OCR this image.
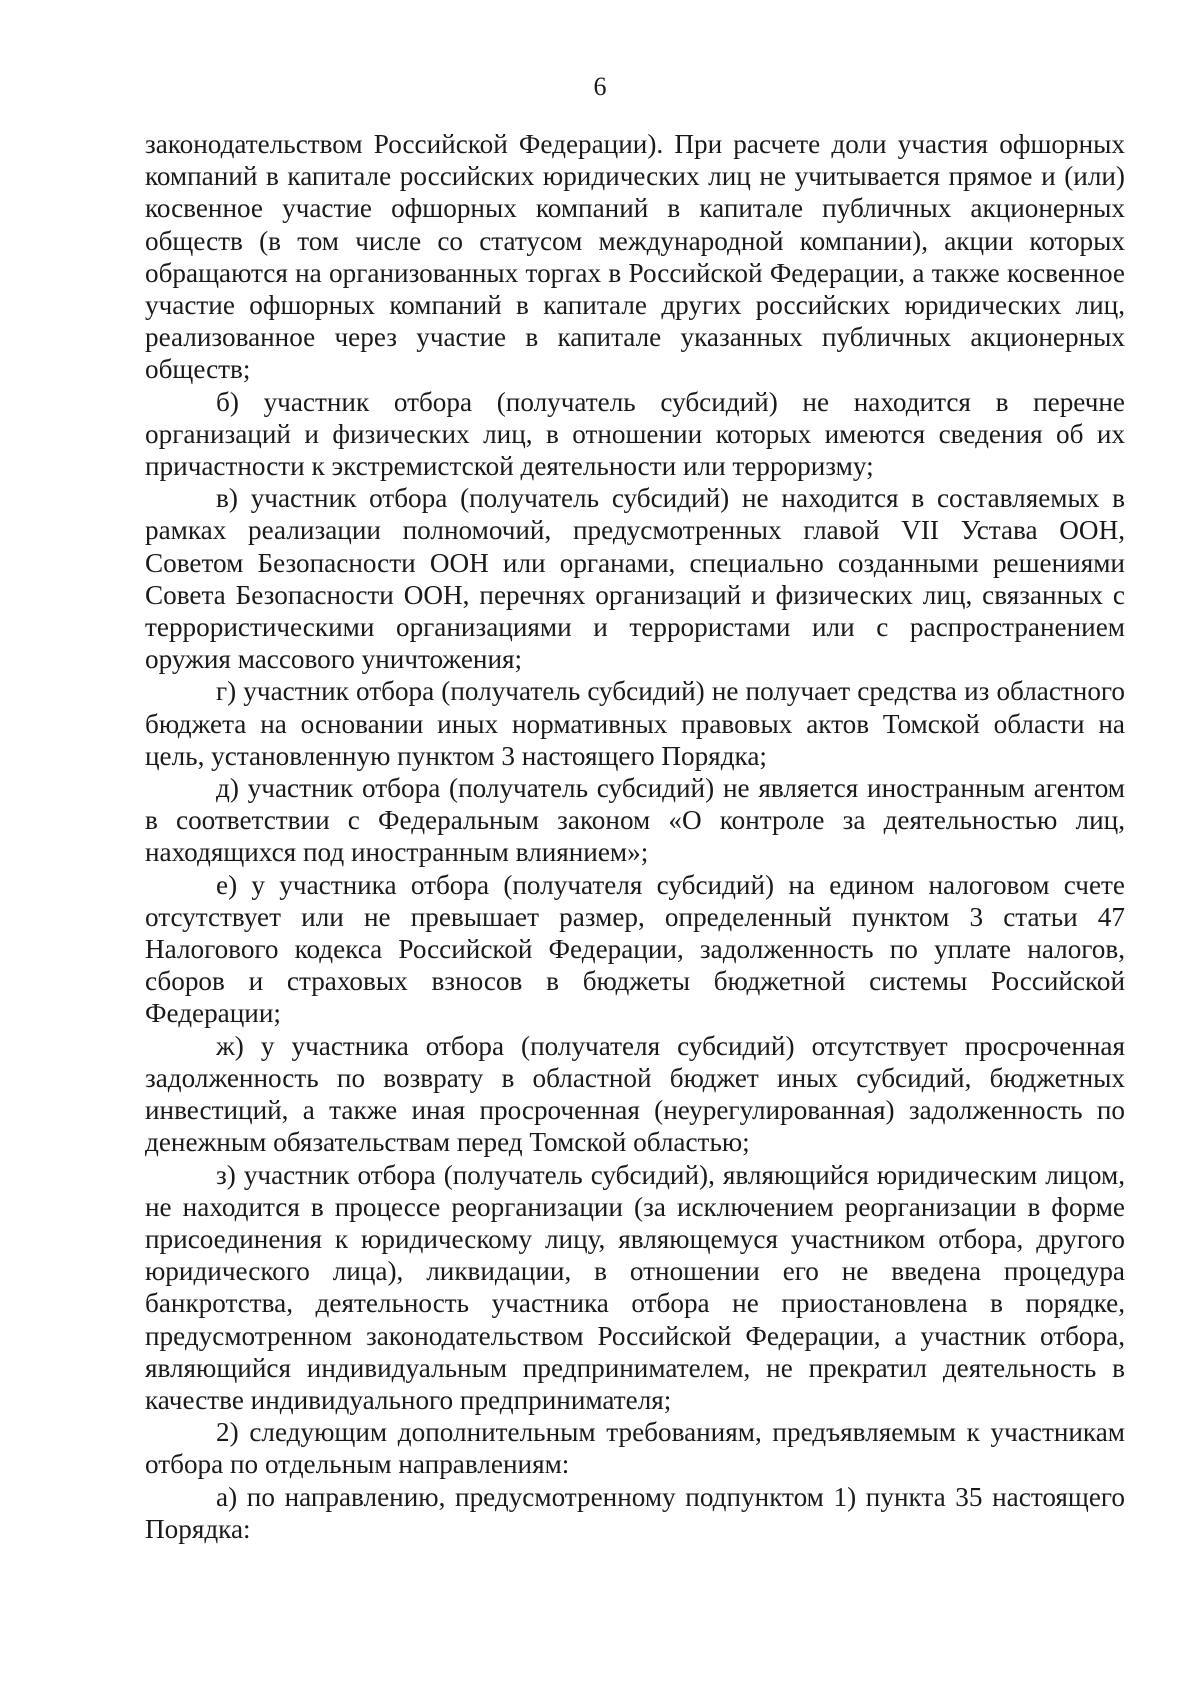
6

законодательством Российской Федерации). При расчете доли участия офшорных компаний в капитале российских юридических лиц не учитывается прямое и (или) косвенное участие офшорных компаний в капитале публичных акционерных обществ (в том числе со статусом международной компании), акции которых обращаются на организованных торгах в Российской Федерации, а также косвенное участие офшорных компаний в капитале других российских юридических лиц, реализованное через участие в капитале указанных публичных акционерных обществ;

б) участник отбора (получатель субсидий) не находится в перечне организаций и физических лиц, в отношении которых имеются сведения об их причастности к экстремистской деятельности или терроризму;

в) участник отбора (получатель субсидий) не находится в составляемых в рамках реализации полномочий, предусмотренных главой VII Устава ООН, Советом Безопасности ООН или органами, специально созданными решениями Совета Безопасности ООН, перечнях организаций и физических лиц, связанных с террористическими организациями и террористами или с распространением оружия массового уничтожения;

г) участник отбора (получатель субсидий) не получает средства из областного бюджета на основании иных нормативных правовых актов Томской области на цель, установленную пунктом 3 настоящего Порядка;

д) участник отбора (получатель субсидий) не является иностранным агентом в соответствии с Федеральным законом «О контроле за деятельностью лиц, находящихся под иностранным влиянием»;

е) у участника отбора (получателя субсидий) на едином налоговом счете отсутствует или не превышает размер, определенный пунктом 3 статьи 47 Налогового кодекса Российской Федерации, задолженность по уплате налогов, сборов и страховых взносов в бюджеты бюджетной системы Российской Федерации;

ж) у участника отбора (получателя субсидий) отсутствует просроченная задолженность по возврату в областной бюджет иных субсидий, бюджетных инвестиций, а также иная просроченная (неурегулированная) задолженность по денежным обязательствам перед Томской областью;

з) участник отбора (получатель субсидий), являющийся юридическим лицом, не находится в процессе реорганизации (за исключением реорганизации в форме присоединения к юридическому лицу, являющемуся участником отбора, другого юридического лица), ликвидации, в отношении его не введена процедура банкротства, деятельность участника отбора не приостановлена в порядке, предусмотренном законодательством Российской Федерации, а участник отбора, являющийся индивидуальным предпринимателем, не прекратил деятельность в качестве индивидуального предпринимателя;

2) следующим дополнительным требованиям, предъявляемым к участникам отбора по отдельным направлениям:

а) по направлению, предусмотренному подпунктом 1) пункта 35 настоящего Порядка:
